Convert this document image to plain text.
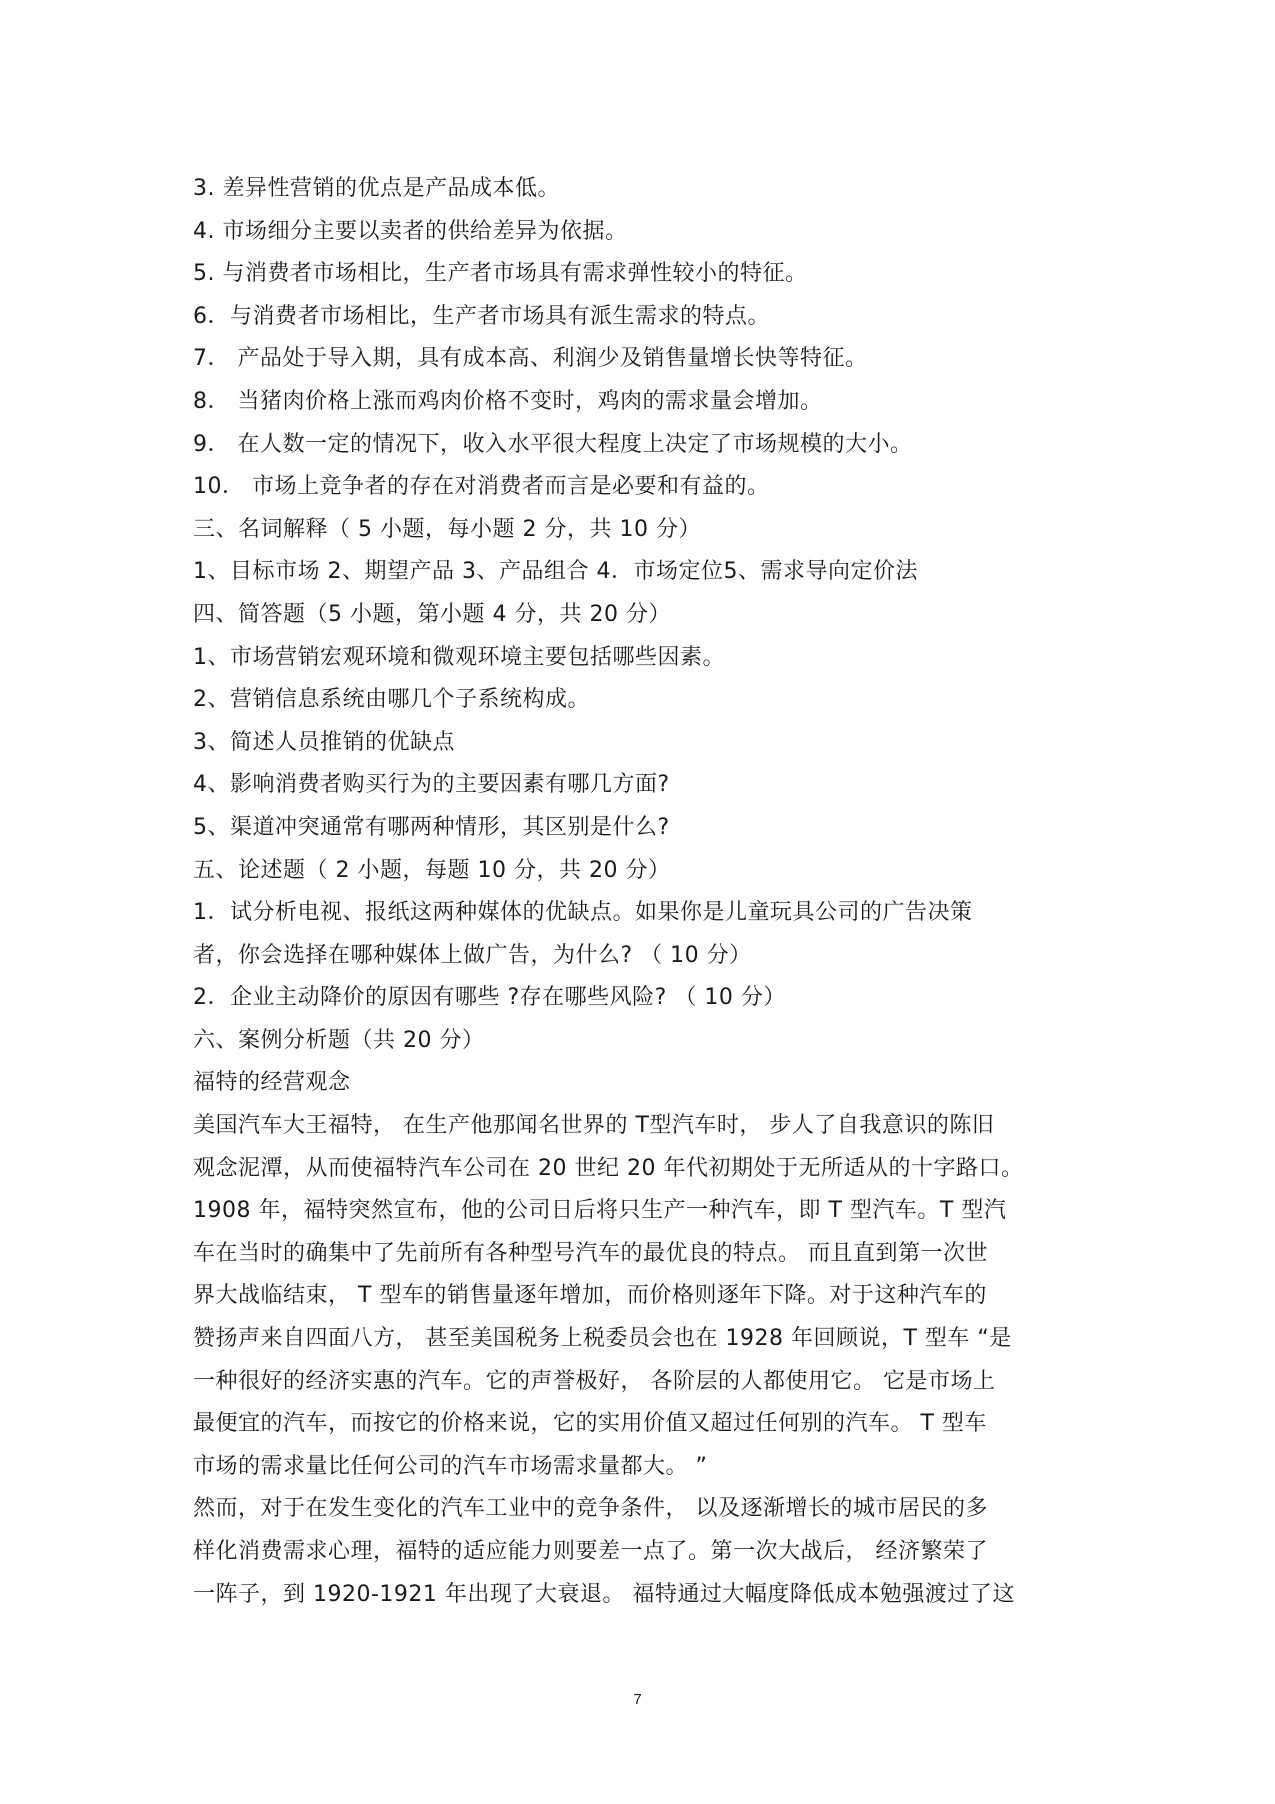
3. 差异性营销的优点是产品成本低。
4. 市场细分主要以卖者的供给差异为依据。
5. 与消费者市场相比，生产者市场具有需求弹性较小的特征。
6．与消费者市场相比，生产者市场具有派生需求的特点。
7． 产品处于导入期，具有成本高、利润少及销售量增长快等特征。
8． 当猪肉价格上涨而鸡肉价格不变时，鸡肉的需求量会增加。
9． 在人数一定的情况下，收入水平很大程度上决定了市场规模的大小。
10． 市场上竞争者的存在对消费者而言是必要和有益的。
三、名词解释（ 5 小题，每小题 2 分，共 10 分）
1、目标市场 2、期望产品 3、产品组合 4．市场定位5、需求导向定价法
四、简答题（5 小题，第小题 4 分，共 20 分）
1、市场营销宏观环境和微观环境主要包括哪些因素。
2、营销信息系统由哪几个子系统构成。
3、简述人员推销的优缺点
4、影响消费者购买行为的主要因素有哪几方面?
5、渠道冲突通常有哪两种情形，其区别是什么?
五、论述题（ 2 小题，每题 10 分，共 20 分）
1．试分析电视、报纸这两种媒体的优缺点。如果你是儿童玩具公司的广告决策
者，你会选择在哪种媒体上做广告，为什么? （ 10 分）
2．企业主动降价的原因有哪些 ?存在哪些风险? （ 10 分）
六、案例分析题（共 20 分）
福特的经营观念
美国汽车大王福特， 在生产他那闻名世界的 T型汽车时， 步人了自我意识的陈旧
观念泥潭，从而使福特汽车公司在 20 世纪 20 年代初期处于无所适从的十字路口。
1908 年，福特突然宣布，他的公司日后将只生产一种汽车，即 T 型汽车。T 型汽
车在当时的确集中了先前所有各种型号汽车的最优良的特点。 而且直到第一次世
界大战临结束， T 型车的销售量逐年增加，而价格则逐年下降。对于这种汽车的
赞扬声来自四面八方， 甚至美国税务上税委员会也在 1928 年回顾说，T 型车 “是
一种很好的经济实惠的汽车。它的声誉极好， 各阶层的人都使用它。 它是市场上
最便宜的汽车，而按它的价格来说，它的实用价值又超过任何别的汽车。 T 型车
市场的需求量比任何公司的汽车市场需求量都大。 ”
然而，对于在发生变化的汽车工业中的竞争条件， 以及逐渐增长的城市居民的多
样化消费需求心理，福特的适应能力则要差一点了。第一次大战后， 经济繁荣了
一阵子，到 1920-1921 年出现了大衰退。 福特通过大幅度降低成本勉强渡过了这
7
